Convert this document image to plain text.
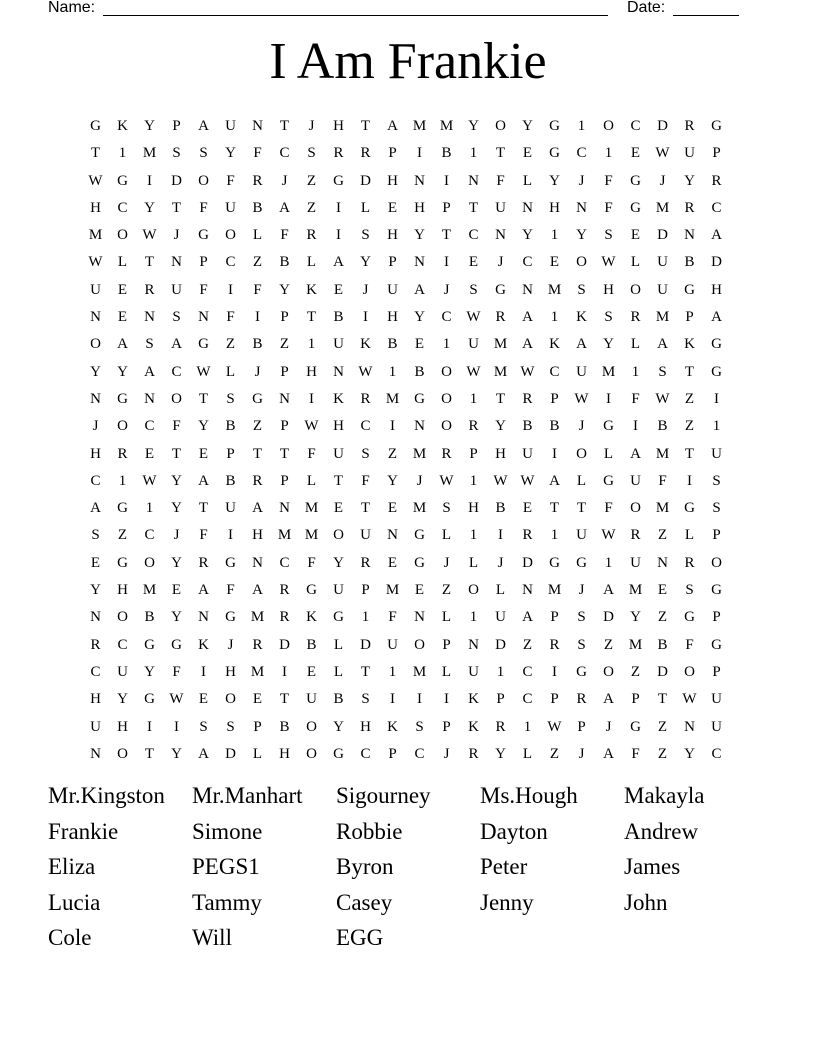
Name:	Date:
I Am Frankie
G	K	Y	P	A	U	N	T	J	H	T	A M M Y	O	Y	G	1	O	C	D	R	G
T	1	M	S	S	Y	F	C	S	R	R	P	I	B	1	T	E	G	C	1	E	W U	P
W G	I	D	O	F	R	J	Z	G	D	H	N	I	N	F	L	Y	J	F	G	J	Y	R
H	C	Y	T	F	U	B	A	Z	I	L	E	H	P	T	U	N	H	N	F	G M	R	C
M O W	J	G	O	L	F	R	I	S	H	Y	T	C	N	Y	1	Y	S	E	D	N	A
W	L	T	N	P	C	Z	B	L	A	Y	P	N	I	E	J	C	E	O W	L	U	B	D
U	E	R	U	F	I	F	Y	K	E	J	U	A	J	S	G	N M	S	H	O	U	G	H
N	E	N	S	N	F	I	P	T	B	I	H	Y	C W R	A	1	K	S	R	M	P	A
O	A	S	A	G	Z	B	Z	1	U	K	B	E	1	U M A	K	A	Y	L	A	K	G
Y	Y	A	C W	L	J	P	H	N W	1	B	O W M W C	U M	1	S	T	G
N	G	N	O	T	S	G	N	I	K	R	M G	O	1	T	R	P	W	I	F	W	Z	I
J	O	C	F	Y	B	Z	P	W H	C	I	N	O	R	Y	B	B	J	G	I	B	Z	1
H	R	E	T	E	P	T	T	F	U	S	Z	M	R	P	H	U	I	O	L	A M	T	U
C	1	W Y	A	B	R	P	L	T	F	Y	J	W	1	W W A	L	G	U	F	I	S
A	G	1	Y	T	U	A	N M	E	T	E	M	S	H	B	E	T	T	F	O M G	S
S	Z	C	J	F	I	H M M O	U	N	G	L	1	I	R	1	U W R	Z	L	P
E	G	O	Y	R	G	N	C	F	Y	R	E	G	J	L	J	D	G	G	1	U	N	R	O
Y	H M	E	A	F	A	R	G	U	P	M	E	Z	O	L	N M	J	A M	E	S	G
N	O	B	Y	N	G M	R	K	G	1	F	N	L	1	U	A	P	S	D	Y	Z	G	P
R	C	G	G	K	J	R	D	B	L	D	U	O	P	N	D	Z	R	S	Z	M	B	F	G
C	U	Y	F	I	H M	I	E	L	T	1	M	L	U	1	C	I	G	O	Z	D	O	P
H	Y	G W	E	O	E	T	U	B	S	I	I	I	K	P	C	P	R	A	P	T	W U
U	H	I	I	S	S	P	B	O	Y	H	K	S	P	K	R	1	W	P	J	G	Z	N	U
N	O	T	Y	A	D	L	H	O	G	C	P	C	J	R	Y	L	Z	J	A	F	Z	Y	C
Mr.Kingston	Mr.Manhart	Sigourney	Ms.Hough	Makayla
Frankie	Simone	Robbie	Dayton	Andrew
Eliza	PEGS1	Byron	Peter	James
Lucia	Tammy	Casey	Jenny	John
Cole	Will	EGG
